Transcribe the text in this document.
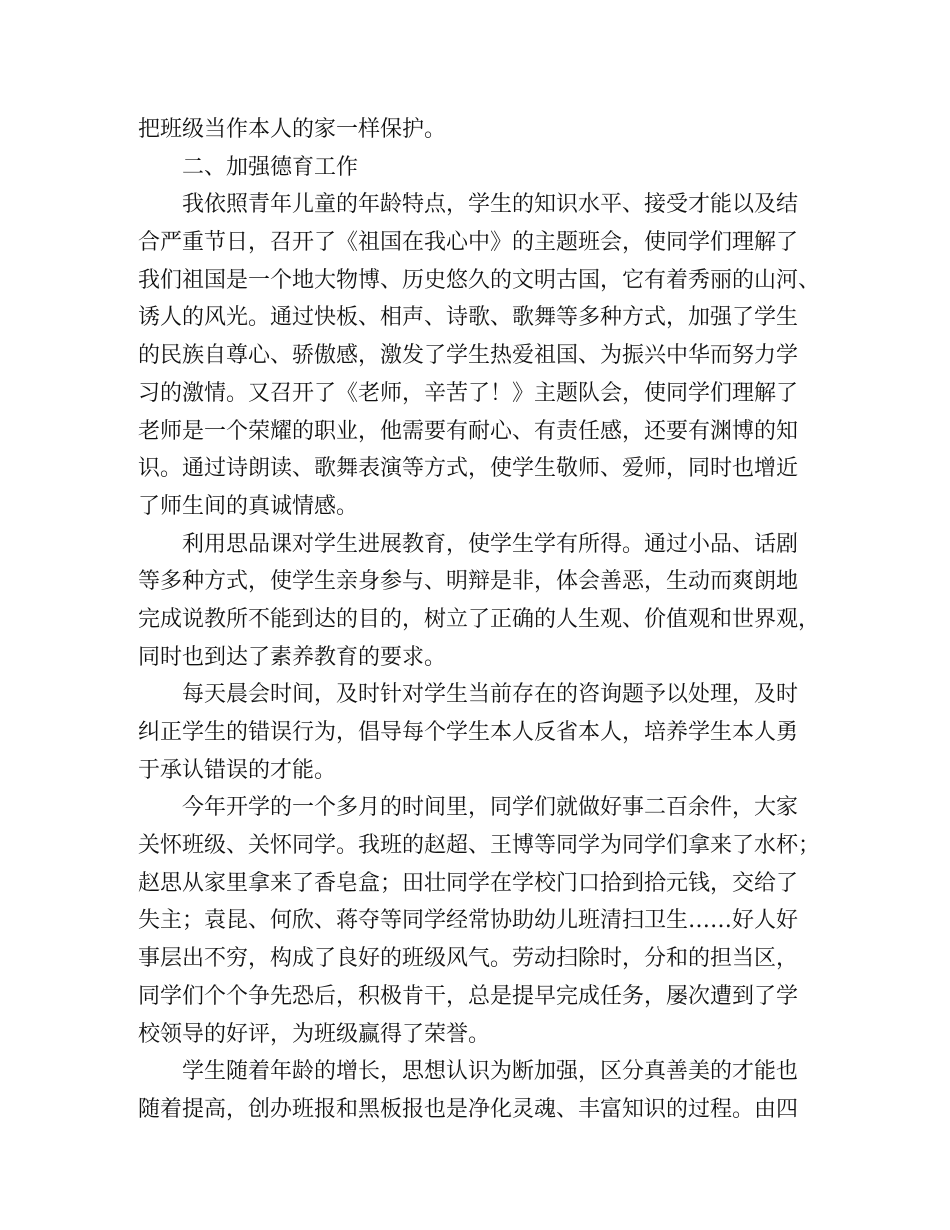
把班级当作本人的家一样保护。
二、加强德育工作
我依照青年儿童的年龄特点，学生的知识水平、接受才能以及结
合严重节日，召开了《祖国在我心中》的主题班会，使同学们理解了
我们祖国是一个地大物博、历史悠久的文明古国，它有着秀丽的山河、
诱人的风光。通过快板、相声、诗歌、歌舞等多种方式，加强了学生
的民族自尊心、骄傲感，激发了学生热爱祖国、为振兴中华而努力学
习的激情。又召开了《老师，辛苦了！》主题队会，使同学们理解了
老师是一个荣耀的职业，他需要有耐心、有责任感，还要有渊博的知
识。通过诗朗读、歌舞表演等方式，使学生敬师、爱师，同时也增近
了师生间的真诚情感。
利用思品课对学生进展教育，使学生学有所得。通过小品、话剧
等多种方式，使学生亲身参与、明辩是非，体会善恶，生动而爽朗地
完成说教所不能到达的目的，树立了正确的人生观、价值观和世界观，
同时也到达了素养教育的要求。
每天晨会时间，及时针对学生当前存在的咨询题予以处理，及时
纠正学生的错误行为，倡导每个学生本人反省本人，培养学生本人勇
于承认错误的才能。
今年开学的一个多月的时间里，同学们就做好事二百余件，大家
关怀班级、关怀同学。我班的赵超、王博等同学为同学们拿来了水杯；
赵思从家里拿来了香皂盒；田壮同学在学校门口拾到拾元钱，交给了
失主；袁昆、何欣、蒋夺等同学经常协助幼儿班清扫卫生……好人好
事层出不穷，构成了良好的班级风气。劳动扫除时，分和的担当区，
同学们个个争先恐后，积极肯干，总是提早完成任务，屡次遭到了学
校领导的好评，为班级赢得了荣誉。
学生随着年龄的增长，思想认识为断加强，区分真善美的才能也
随着提高，创办班报和黑板报也是净化灵魂、丰富知识的过程。由四
